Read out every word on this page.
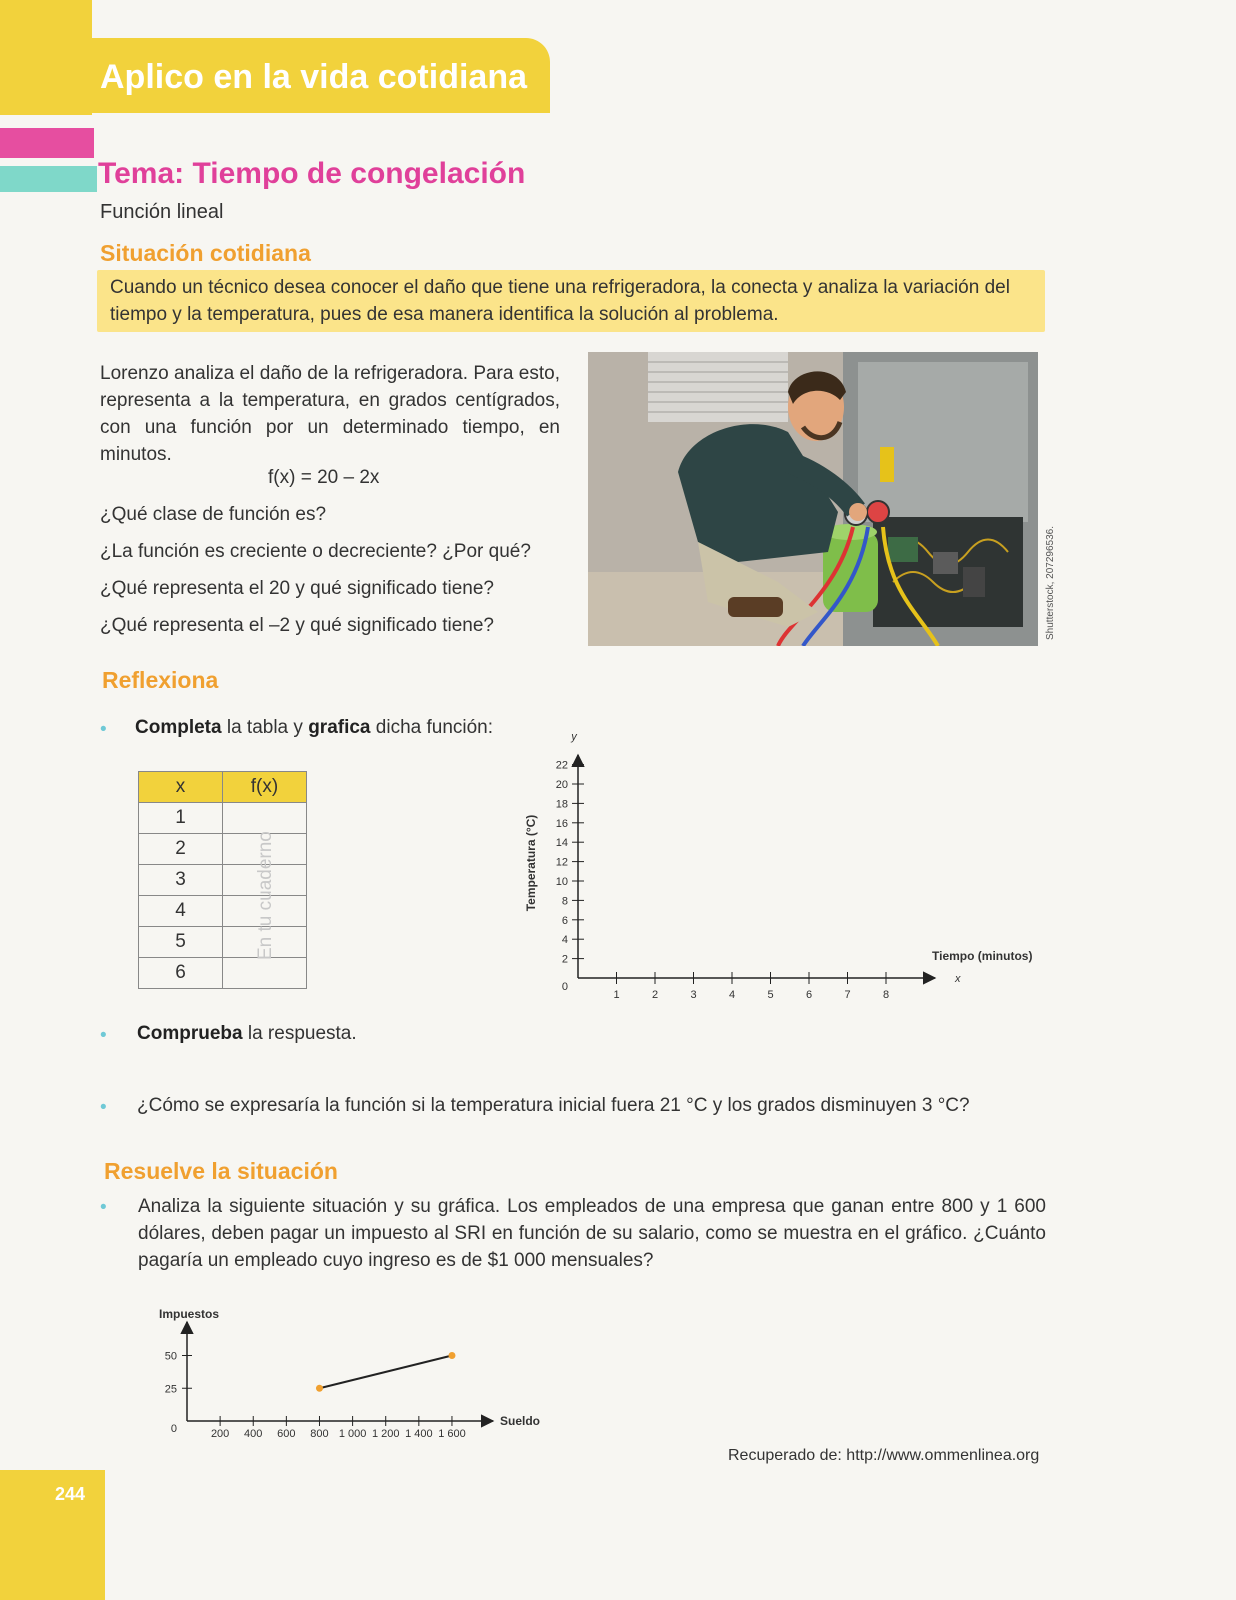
Aplico en la vida cotidiana
Tema: Tiempo de congelación
Función lineal
Situación cotidiana
Cuando un técnico desea conocer el daño que tiene una refrigeradora, la conecta y analiza la variación del tiempo y la temperatura, pues de esa manera identifica la solución al problema.
Lorenzo analiza el daño de la refrigeradora. Para esto, representa a la temperatura, en grados centígrados, con una función por un determinado tiempo, en minutos.
f(x) = 20 – 2x
¿Qué clase de función es?
¿La función es creciente o decreciente? ¿Por qué?
¿Qué representa el 20 y qué significado tiene?
¿Qué representa el –2 y qué significado tiene?	Shutterstock, 207296536.
Reflexiona
• Completa la tabla y grafica dicha función:
x	f(x)
1	
2	
3	
4	
5	
6	
En tu cuaderno
1	2	3	4	5	6	7	8
2
4
6
8
10
12
14
16
18
20
22
0
y
x
Tiempo (minutos)
Temperatura (°C)
• Comprueba la respuesta.
• ¿Cómo se expresaría la función si la temperatura inicial fuera 21 °C y los grados disminuyen 3 °C?
Resuelve la situación
• Analiza la siguiente situación y su gráfica. Los empleados de una empresa que ganan entre 800 y 1 600 dólares, deben pagar un impuesto al SRI en función de su salario, como se muestra en el gráfico. ¿Cuánto pagaría un empleado cuyo ingreso es de $1 000 mensuales?
200 400 600 800 1 000 1 200 1 400 1 600
25
50
0
Impuestos
Sueldo
Recuperado de: http://www.ommenlinea.org
244
